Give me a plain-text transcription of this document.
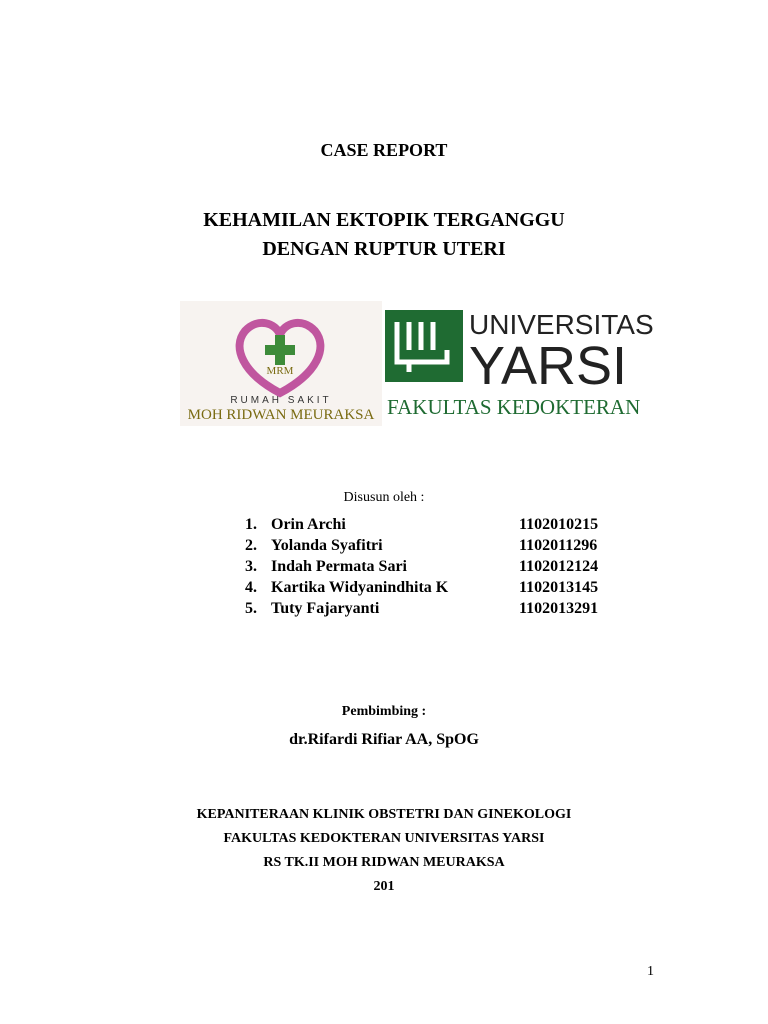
CASE REPORT
KEHAMILAN EKTOPIK TERGANGGU
DENGAN RUPTUR UTERI
MRM
RUMAH SAKIT
MOH RIDWAN MEURAKSA
UNIVERSITAS
YARSI
FAKULTAS KEDOKTERAN
Disusun oleh :
1. Orin Archi	1102010215
2. Yolanda Syafitri	1102011296
3. Indah Permata Sari	1102012124
4. Kartika Widyanindhita K	1102013145
5. Tuty Fajaryanti	1102013291
Pembimbing :
dr.Rifardi Rifiar AA, SpOG
KEPANITERAAN KLINIK OBSTETRI DAN GINEKOLOGI
FAKULTAS KEDOKTERAN UNIVERSITAS YARSI
RS TK.II MOH RIDWAN MEURAKSA
201
1
